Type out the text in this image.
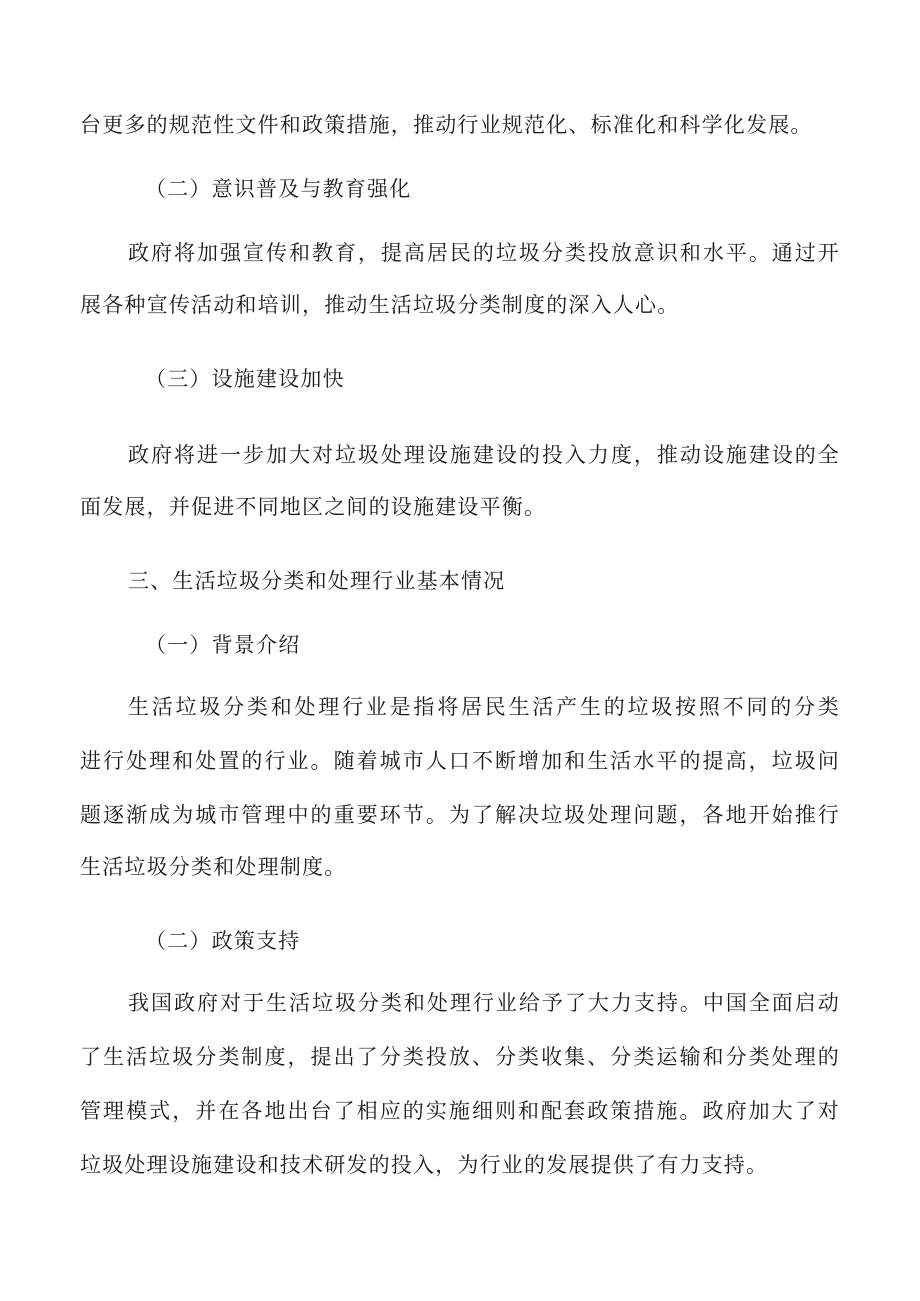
台更多的规范性文件和政策措施，推动行业规范化、标准化和科学化发展。
（二）意识普及与教育强化
政府将加强宣传和教育，提高居民的垃圾分类投放意识和水平。通过开
展各种宣传活动和培训，推动生活垃圾分类制度的深入人心。
（三）设施建设加快
政府将进一步加大对垃圾处理设施建设的投入力度，推动设施建设的全
面发展，并促进不同地区之间的设施建设平衡。
三、生活垃圾分类和处理行业基本情况
（一）背景介绍
生活垃圾分类和处理行业是指将居民生活产生的垃圾按照不同的分类
进行处理和处置的行业。随着城市人口不断增加和生活水平的提高，垃圾问
题逐渐成为城市管理中的重要环节。为了解决垃圾处理问题，各地开始推行
生活垃圾分类和处理制度。
（二）政策支持
我国政府对于生活垃圾分类和处理行业给予了大力支持。中国全面启动
了生活垃圾分类制度，提出了分类投放、分类收集、分类运输和分类处理的
管理模式，并在各地出台了相应的实施细则和配套政策措施。政府加大了对
垃圾处理设施建设和技术研发的投入，为行业的发展提供了有力支持。
